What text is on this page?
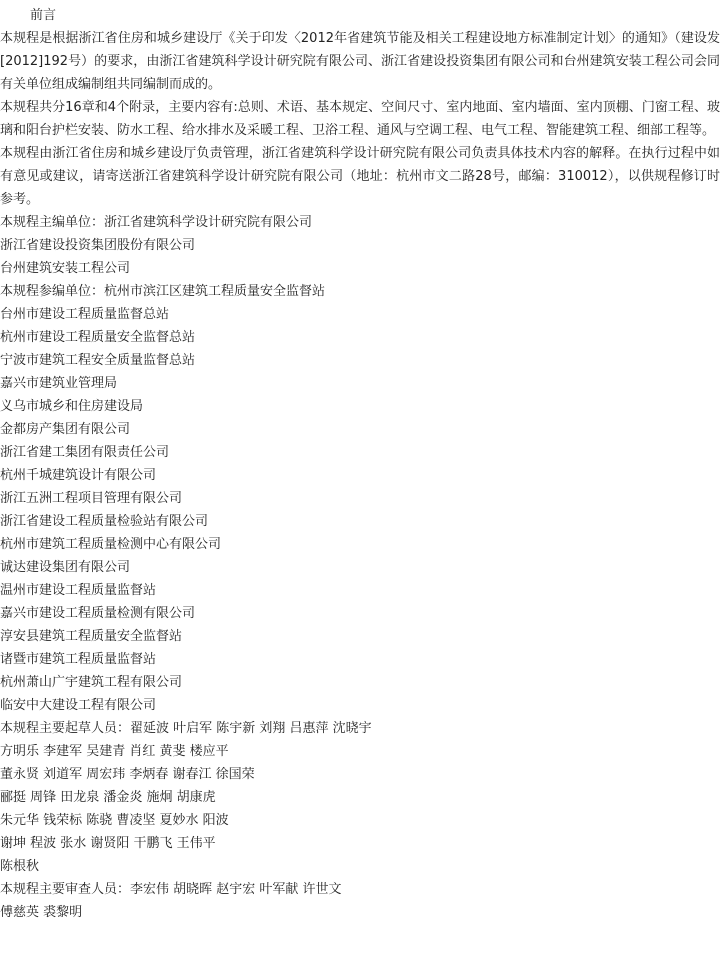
前言
本规程是根据浙江省住房和城乡建设厅《关于印发〈2012年省建筑节能及相关工程建设地方标准制定计划〉的通知》（建设发[2012]192号）的要求，由浙江省建筑科学设计研究院有限公司、浙江省建设投资集团有限公司和台州建筑安装工程公司会同有关单位组成编制组共同编制而成的。
本规程共分16章和4个附录，主要内容有:总则、术语、基本规定、空间尺寸、室内地面、室内墙面、室内顶棚、门窗工程、玻璃和阳台护栏安装、防水工程、给水排水及采暖工程、卫浴工程、通风与空调工程、电气工程、智能建筑工程、细部工程等。
本规程由浙江省住房和城乡建设厅负责管理，浙江省建筑科学设计研究院有限公司负责具体技术内容的解释。在执行过程中如有意见或建议，请寄送浙江省建筑科学设计研究院有限公司（地址：杭州市文二路28号，邮编：310012），以供规程修订时参考。
本规程主编单位：浙江省建筑科学设计研究院有限公司
浙江省建设投资集团股份有限公司
台州建筑安装工程公司
本规程参编单位：杭州市滨江区建筑工程质量安全监督站
台州市建设工程质量监督总站
杭州市建设工程质量安全监督总站
宁波市建筑工程安全质量监督总站
嘉兴市建筑业管理局
义乌市城乡和住房建设局
金都房产集团有限公司
浙江省建工集团有限责任公司
杭州千城建筑设计有限公司
浙江五洲工程项目管理有限公司
浙江省建设工程质量检验站有限公司
杭州市建筑工程质量检测中心有限公司
诚达建设集团有限公司
温州市建设工程质量监督站
嘉兴市建设工程质量检测有限公司
淳安县建筑工程质量安全监督站
诸暨市建筑工程质量监督站
杭州萧山广宇建筑工程有限公司
临安中大建设工程有限公司
本规程主要起草人员：翟延波 叶启军 陈宇新 刘翔 吕惠萍 沈晓宇
方明乐 李建军 吴建青 肖红 黄斐 楼应平
董永贤 刘道军 周宏玮 李炳春 谢春江 徐国荣
郦挺 周锋 田龙泉 潘金炎 施炯 胡康虎
朱元华 钱荣标 陈骁 曹凌坚 夏妙水 阳波
谢坤 程波 张水 谢贤阳 干鹏飞 王伟平
陈根秋
本规程主要审查人员：李宏伟 胡晓晖 赵宇宏 叶军献 许世文
傅慈英 裘黎明
